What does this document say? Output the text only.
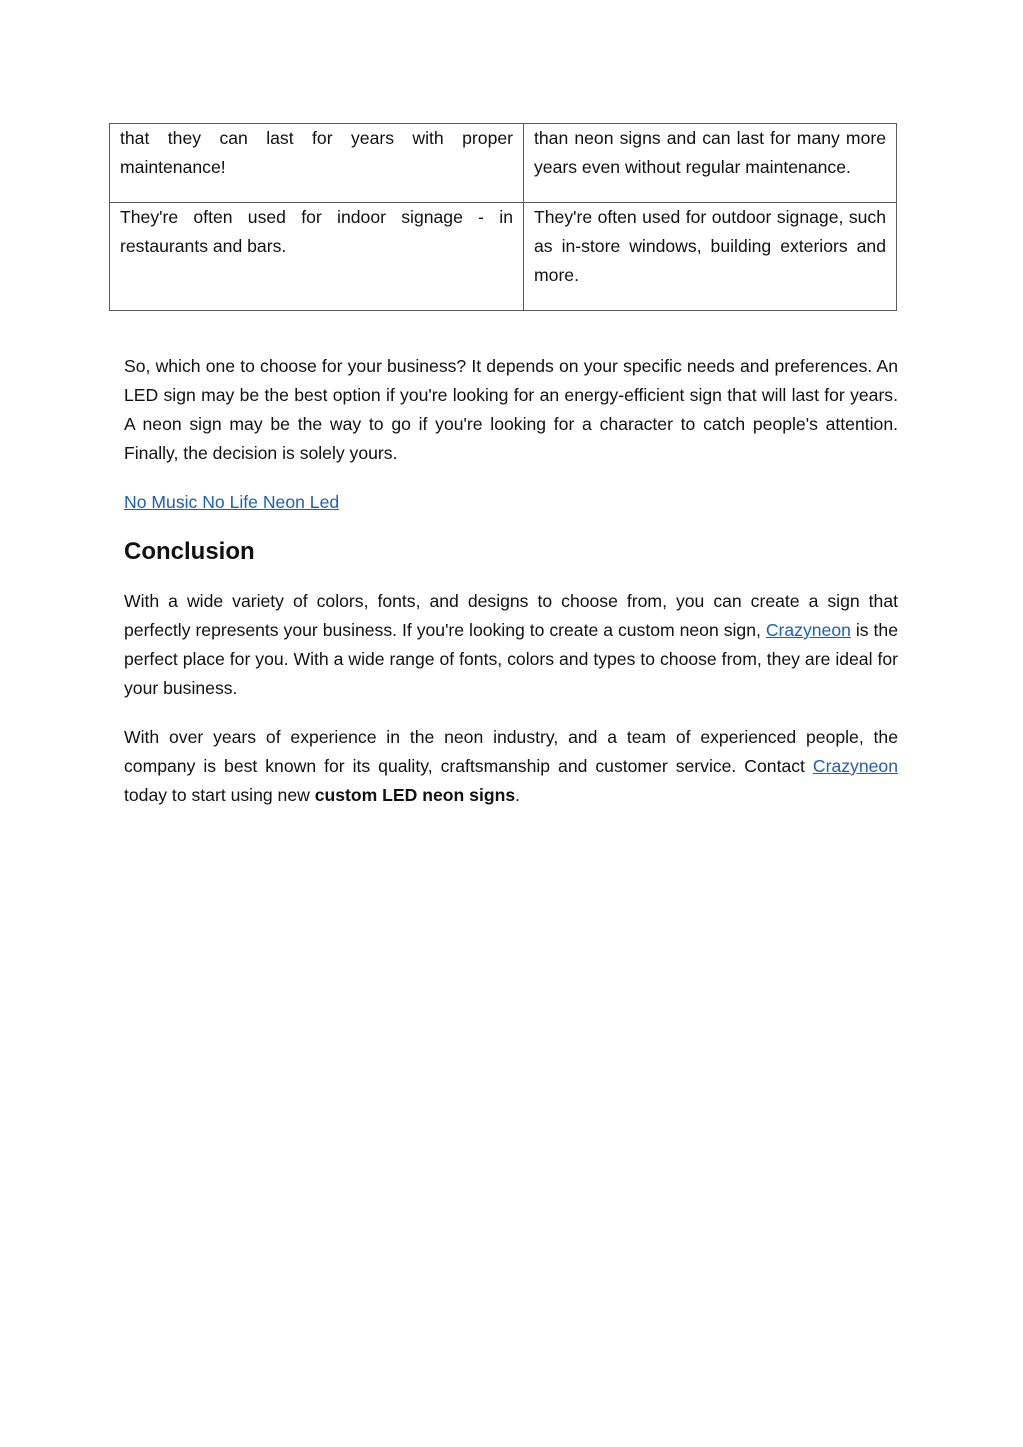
that they can last for years with proper maintenance!	than neon signs and can last for many more years even without regular maintenance.
They're often used for indoor signage - in restaurants and bars.	They're often used for outdoor signage, such as in-store windows, building exteriors and more.

So, which one to choose for your business? It depends on your specific needs and preferences. An LED sign may be the best option if you're looking for an energy-efficient sign that will last for years. A neon sign may be the way to go if you're looking for a character to catch people's attention. Finally, the decision is solely yours.

No Music No Life Neon Led

Conclusion

With a wide variety of colors, fonts, and designs to choose from, you can create a sign that perfectly represents your business. If you're looking to create a custom neon sign, Crazyneon is the perfect place for you. With a wide range of fonts, colors and types to choose from, they are ideal for your business.

With over years of experience in the neon industry, and a team of experienced people, the company is best known for its quality, craftsmanship and customer service. Contact Crazyneon today to start using new custom LED neon signs.
